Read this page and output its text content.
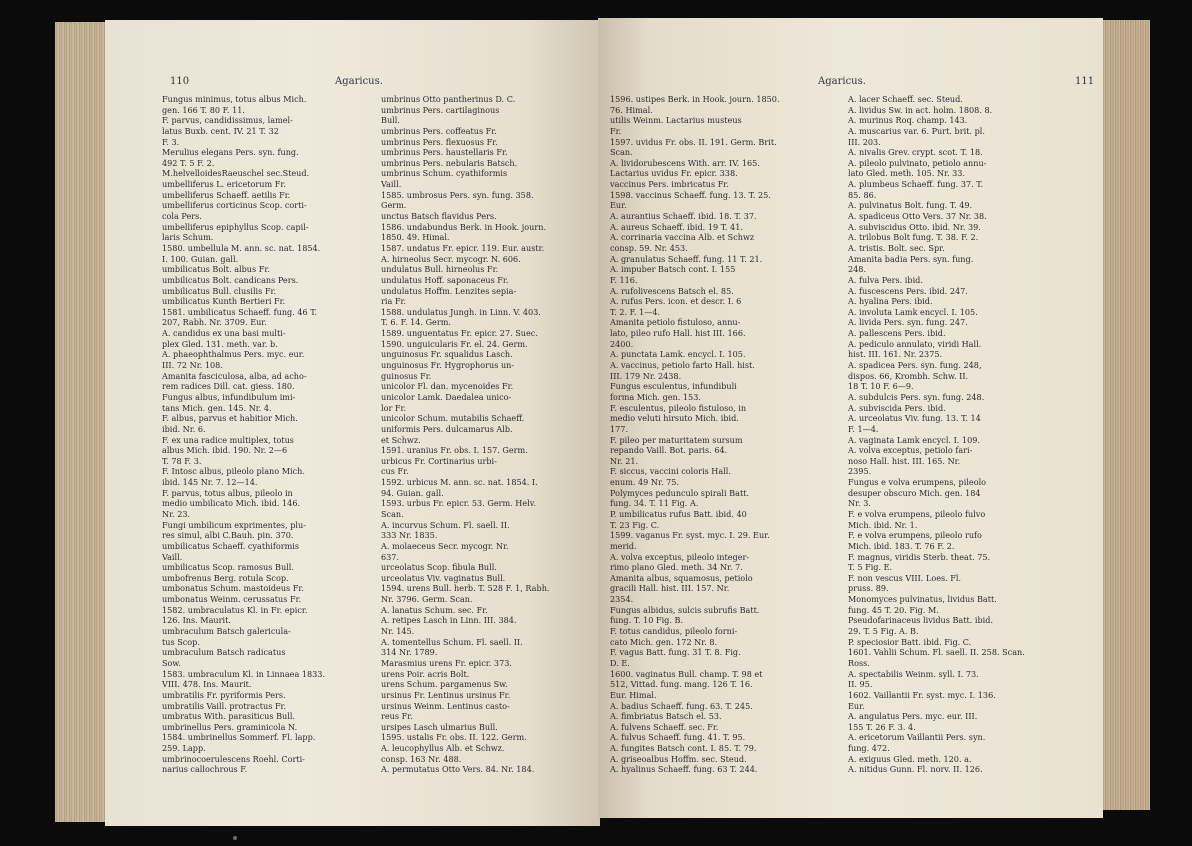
110	Agaricus.	Agaricus.	111
Fungus minimus, totus albus Mich.
gen. 166 T. 80 F. 11.
F. parvus, candidissimus, lamel-
latus Buxb. cent. IV. 21 T. 32
F. 3.
Merulius elegans Pers. syn. fung.
492 T. 5 F. 2.
M.helvelloidesRaeuschel sec.Steud.
umbelliferus L. ericetorum Fr.
umbelliferus Schaeff. aetilis Fr.
umbelliferus corticinus Scop. corti-
cola Pers.
umbelliferus epiphyllus Scop. capil-
laris Schum.
1580. umbellula M. ann. sc. nat. 1854.
I. 100. Guian. gall.
umbilicatus Bolt. albus Fr.
umbilicatus Bolt. candicans Pers.
umbilicatus Bull. clusilis Fr.
umbilicatus Kunth Bertieri Fr.
1581. umbilicatus Schaeff. fung. 46 T.
207, Rabh. Nr. 3709. Eur.
A. candidus ex una basi multi-
plex Gled. 131. meth. var. b.
A. phaeophthalmus Pers. myc. eur.
III. 72 Nr. 108.
Amanita fasciculosa, alba, ad acho-
rem radices Dill. cat. giess. 180.
Fungus albus, infundibulum imi-
tans Mich. gen. 145. Nr. 4.
F. albus, parvus et habitior Mich.
ibid. Nr. 6.
F. ex una radice multiplex, totus
albus Mich. ibid. 190. Nr. 2—6
T. 78 F. 3.
F. Intosc albus, pileolo plano Mich.
ibid. 145 Nr. 7. 12—14.
F. parvus, totus albus, pileolo in
medio umbilicato Mich. ibid. 146.
Nr. 23.
Fungi umbilicum exprimentes, plu-
res simul, albi C.Bauh. pin. 370.
umbilicatus Schaeff. cyathiformis
Vaill.
umbilicatus Scop. ramosus Bull.
umbofrenus Berg. rotula Scop.
umbonatus Schum. mastoideus Fr.
umbonatus Weinm. cerussatus Fr.
1582. umbraculatus Kl. in Fr. epicr.
126. Ins. Maurit.
umbraculum Batsch galericula-
tus Scop.
umbraculum Batsch radicatus
Sow.
1583. umbraculum Kl. in Linnaea 1833.
VIII. 478. Ins. Maurit.
umbratilis Fr. pyriformis Pers.
umbratilis Vaill. protractus Fr.
umbratus With. parasiticus Bull.
umbrinellus Pers. graminicola N.
1584. umbrinellus Sommerf. Fl. lapp.
259. Lapp.
umbrinocoerulescens Roehl. Corti-
narius callochrous F.
umbrinus Otto pantherinus D. C.
umbrinus Pers. cartilaginous
Bull.
umbrinus Pers. coffeatus Fr.
umbrinus Pers. flexuosus Fr.
umbrinus Pers. haustellaris Fr.
umbrinus Pers. nebularis Batsch.
umbrinus Schum. cyathiformis
Vaill.
1585. umbrosus Pers. syn. fung. 358.
Germ.
unctus Batsch flavidus Pers.
1586. undabundus Berk. in Hook. journ.
1850. 49. Himal.
1587. undatus Fr. epicr. 119. Eur. austr.
A. hirneolus Secr. mycogr. N. 606.
undulatus Bull. hirneolus Fr.
undulatus Hoff. saponaceus Fr.
undulatus Hoffm. Lenzites sepia-
ria Fr.
1588. undulatus Jungh. in Linn. V. 403.
T. 6. F. 14. Germ.
1589. unguentatus Fr. epicr. 27. Suec.
1590. unguicularis Fr. el. 24. Germ.
unguinosus Fr. squalidus Lasch.
unguinosus Fr. Hygrophorus un-
guinosus Fr.
unicolor Fl. dan. mycenoides Fr.
unicolor Lamk. Daedalea unico-
lor Fr.
unicolor Schum. mutabilis Schaeff.
uniformis Pers. dulcamarus Alb.
et Schwz.
1591. uranius Fr. obs. I. 157. Germ.
urbicus Fr. Cortinarius urbi-
cus Fr.
1592. urbicus M. ann. sc. nat. 1854. I.
94. Guian. gall.
1593. urbus Fr. epicr. 53. Germ. Helv.
Scan.
A. incurvus Schum. Fl. saell. II.
333 Nr. 1835.
A. molaeceus Secr. mycogr. Nr.
637.
urceolatus Scop. fibula Bull.
urceolatus Viv. vaginatus Bull.
1594. urens Bull. herb. T. 528 F. 1, Rabh.
Nr. 3796. Germ. Scan.
A. lanatus Schum. sec. Fr.
A. retipes Lasch in Linn. III. 384.
Nr. 145.
A. tomentellus Schum. Fl. saell. II.
314 Nr. 1789.
Marasmius urens Fr. epicr. 373.
urens Poir. acris Bolt.
urens Schum. pargamenus Sw.
ursinus Fr. Lentinus ursinus Fr.
ursinus Weinm. Lentinus casto-
reus Fr.
ursipes Lasch ulmarius Bull.
1595. ustalis Fr. obs. II. 122. Germ.
A. leucophyllus Alb. et Schwz.
consp. 163 Nr. 488.
A. permutatus Otto Vers. 84. Nr. 184.
1596. ustipes Berk. in Hook. journ. 1850.
76. Himal.
utilis Weinm. Lactarius musteus
Fr.
1597. uvidus Fr. obs. II. 191. Germ. Brit.
Scan.
A. lividorubescens With. arr. IV. 165.
Lactarius uvidus Fr. epicr. 338.
vaccinus Pers. imbricatus Fr.
1598. vaccinus Schaeff. fung. 13. T. 25.
Eur.
A. aurantius Schaeff. ibid. 18. T. 37.
A. aureus Schaeff. ibid. 19 T. 41.
A. corrinaria vaccina Alb. et Schwz
consp. 59. Nr. 453.
A. granulatus Schaeff. fung. 11 T. 21.
A. impuber Batsch cont. I. 155
F. 116.
A. rufolivescens Batsch el. 85.
A. rufus Pers. icon. et descr. I. 6
T. 2. F. 1—4.
Amanita petiolo fistuloso, annu-
lato, pileo rufo Hall. hist III. 166.
2400.
A. punctata Lamk. encycl. I. 105.
A. vaccinus, petiolo farto Hall. hist.
III. 179 Nr. 2438.
Fungus esculentus, infundibuli
forma Mich. gen. 153.
F. esculentus, pileolo fistuloso, in
medio veluti hirsuto Mich. ibid.
177.
F. pileo per maturitatem sursum
repando Vaill. Bot. paris. 64.
Nr. 21.
F. siccus, vaccini coloris Hall.
enum. 49 Nr. 75.
Polymyces pedunculo spirali Batt.
fung. 34. T. 11 Fig. A.
P. umbilicatus rufus Batt. ibid. 40
T. 23 Fig. C.
1599. vaganus Fr. syst. myc. I. 29. Eur.
merid.
A. volva exceptus, pileolo integer-
rimo plano Gled. meth. 34 Nr. 7.
Amanita albus, squamosus, petiolo
gracili Hall. hist. III. 157. Nr.
2354.
Fungus albidus, sulcis subrufis Batt.
fung. T. 10 Fig. B.
F. totus candidus, pileolo forni-
cato Mich. gen. 172 Nr. 8.
F. vagus Batt. fung. 31 T. 8. Fig.
D. E.
1600. vaginatus Bull. champ. T. 98 et
512, Vittad. fung. mang. 126 T. 16.
Eur. Himal.
A. badius Schaeff. fung. 63. T. 245.
A. fimbriatus Batsch el. 53.
A. fulvens Schaeff. sec. Fr.
A. fulvus Schaeff. fung. 41. T. 95.
A. fungites Batsch cont. I. 85. T. 79.
A. griseoalbus Hoffm. sec. Steud.
A. hyalinus Schaeff. fung. 63 T. 244.
A. lacer Schaeff. sec. Steud.
A. lividus Sw. in act. holm. 1808. 8.
A. murinus Roq. champ. 143.
A. muscarius var. 6. Purt. brit. pl.
III. 203.
A. nivalis Grev. crypt. scot. T. 18.
A. pileolo pulvinato, petiolo annu-
lato Gled. meth. 105. Nr. 33.
A. plumbeus Schaeff. fung. 37. T.
85. 86.
A. pulvinatus Bolt. fung. T. 49.
A. spadiceus Otto Vers. 37 Nr. 38.
A. subviscidus Otto. ibid. Nr. 39.
A. trilobus Bolt fung. T. 38. F. 2.
A. tristis. Bolt. sec. Spr.
Amanita badia Pers. syn. fung.
248.
A. fulva Pers. ibid.
A. fuscescens Pers. ibid. 247.
A. hyalina Pers. ibid.
A. involuta Lamk encycl. I. 105.
A. livida Pers. syn. fung. 247.
A. pallescens Pers. ibid.
A. pediculo annulato, viridi Hall.
hist. III. 161. Nr. 2375.
A. spadicea Pers. syn. fung. 248,
dispos. 66, Krombh. Schw. II.
18 T. 10 F. 6—9.
A. subdulcis Pers. syn. fung. 248.
A. subviscida Pers. ibid.
A. urceolatus Viv. fung. 13. T. 14
F. 1—4.
A. vaginata Lamk encycl. I. 109.
A. volva exceptus, petiolo fari-
noso Hall. hist. III. 165. Nr.
2395.
Fungus e volva erumpens, pileolo
desuper obscuro Mich. gen. 184
Nr. 3.
F. e volva erumpens, pileolo fulvo
Mich. ibid. Nr. 1.
F. e volva erumpens, pileolo rufo
Mich. ibid. 183. T. 76 F. 2.
F. magnus, viridis Sterb. theat. 75.
T. 5 Fig. E.
F. non vescus VIII. Loes. Fl.
pruss. 89.
Monomyces pulvinatus, lividus Batt.
fung. 45 T. 20. Fig. M.
Pseudofarinaceus lividus Batt. ibid.
29. T. 5 Fig. A. B.
P. speciosior Batt. ibid. Fig. C.
1601. Vahlii Schum. Fl. saell. II. 258. Scan.
Ross.
A. spectabilis Weinm. syll. I. 73.
II. 95.
1602. Vaillantii Fr. syst. myc. I. 136.
Eur.
A. angulatus Pers. myc. eur. III.
155 T. 26 F. 3. 4.
A. ericetorum Vaillantii Pers. syn.
fung. 472.
A. exiguus Gled. meth. 120. a.
A. nitidus Gunn. Fl. norv. II. 126.
